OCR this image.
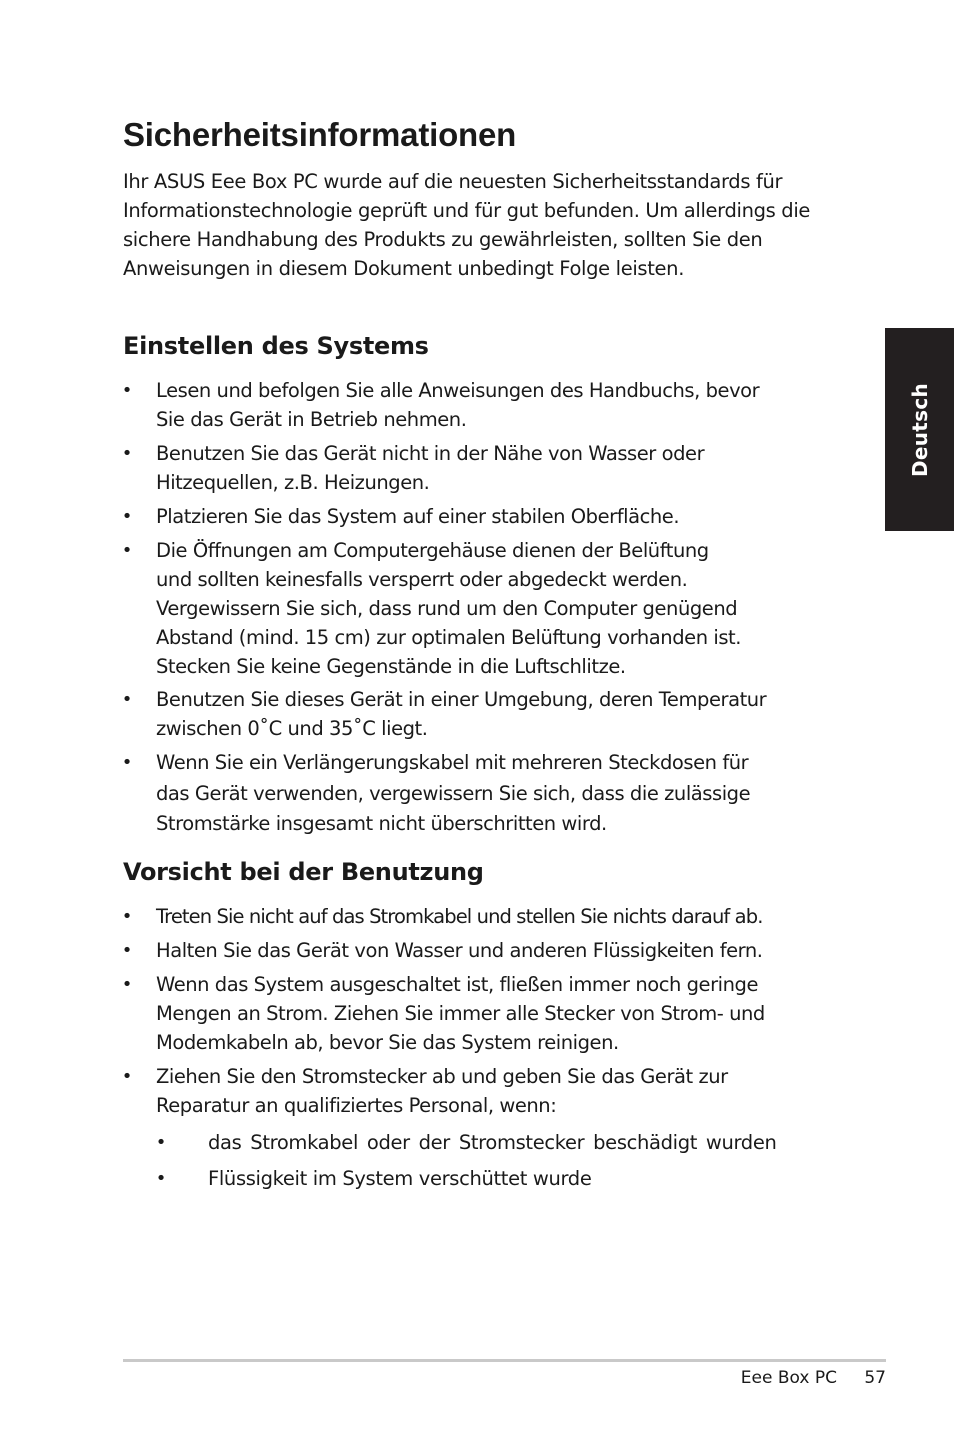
Deutsch
Sicherheitsinformationen

Ihr ASUS Eee Box PC wurde auf die neuesten Sicherheitsstandards für Informationstechnologie geprüft und für gut befunden. Um allerdings die sichere Handhabung des Produkts zu gewährleisten, sollten Sie den Anweisungen in diesem Dokument unbedingt Folge leisten.

Einstellen des Systems
• Lesen und befolgen Sie alle Anweisungen des Handbuchs, bevor
Sie das Gerät in Betrieb nehmen.
• Benutzen Sie das Gerät nicht in der Nähe von Wasser oder
Hitzequellen, z.B. Heizungen.
• Platzieren Sie das System auf einer stabilen Oberfläche.
• Die Öffnungen am Computergehäuse dienen der Belüftung
und sollten keinesfalls versperrt oder abgedeckt werden.
Vergewissern Sie sich, dass rund um den Computer genügend
Abstand (mind. 15 cm) zur optimalen Belüftung vorhanden ist.
Stecken Sie keine Gegenstände in die Luftschlitze.
• Benutzen Sie dieses Gerät in einer Umgebung, deren Temperatur
zwischen 0˚C und 35˚C liegt.
• Wenn Sie ein Verlängerungskabel mit mehreren Steckdosen für
das Gerät verwenden, vergewissern Sie sich, dass die zulässige
Stromstärke insgesamt nicht überschritten wird.
Vorsicht bei der Benutzung
• Treten Sie nicht auf das Stromkabel und stellen Sie nichts darauf ab.
• Halten Sie das Gerät von Wasser und anderen Flüssigkeiten fern.
• Wenn das System ausgeschaltet ist, fließen immer noch geringe
Mengen an Strom. Ziehen Sie immer alle Stecker von Strom- und
Modemkabeln ab, bevor Sie das System reinigen.
• Ziehen Sie den Stromstecker ab und geben Sie das Gerät zur
Reparatur an qualifiziertes Personal, wenn:
• das Stromkabel oder der Stromstecker beschädigt wurden
• Flüssigkeit im System verschüttet wurde
Eee Box PC 57
